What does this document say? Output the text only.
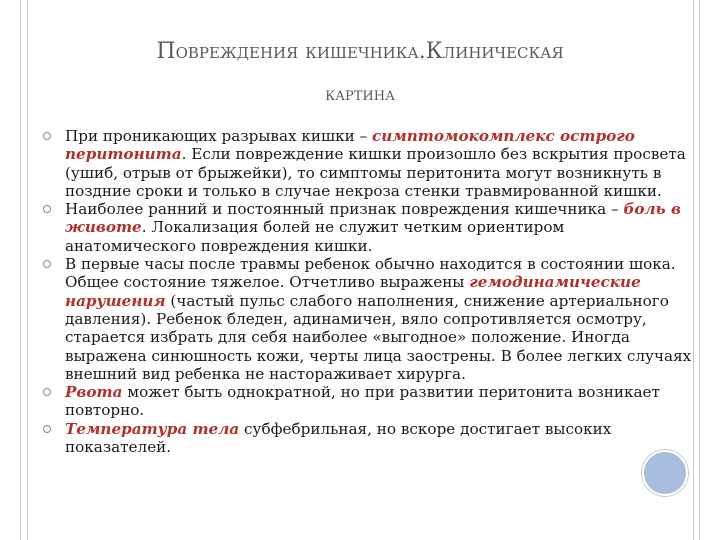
Повреждения кишечника.Клиническая
картина
При проникающих разрывах кишки – симптомокомплекс острого перитонита. Если повреждение кишки произошло без вскрытия просвета (ушиб, отрыв от брыжейки), то симптомы перитонита могут возникнуть в поздние сроки и только в случае некроза стенки травмированной кишки.
Наиболее ранний и постоянный признак повреждения кишечника – боль в животе. Локализация болей не служит четким ориентиром анатомического повреждения кишки.
В первые часы после травмы ребенок обычно находится в состоянии шока. Общее состояние тяжелое. Отчетливо выражены гемодинамические нарушения (частый пульс слабого наполнения, снижение артериального давления). Ребенок бледен, адинамичен, вяло сопротивляется осмотру, старается избрать для себя наиболее «выгодное» положение. Иногда выражена синюшность кожи, черты лица заострены. В более легких случаях внешний вид ребенка не настораживает хирурга.
Рвота может быть однократной, но при развитии перитонита возникает повторно.
Температура тела субфебрильная, но вскоре достигает высоких показателей.
